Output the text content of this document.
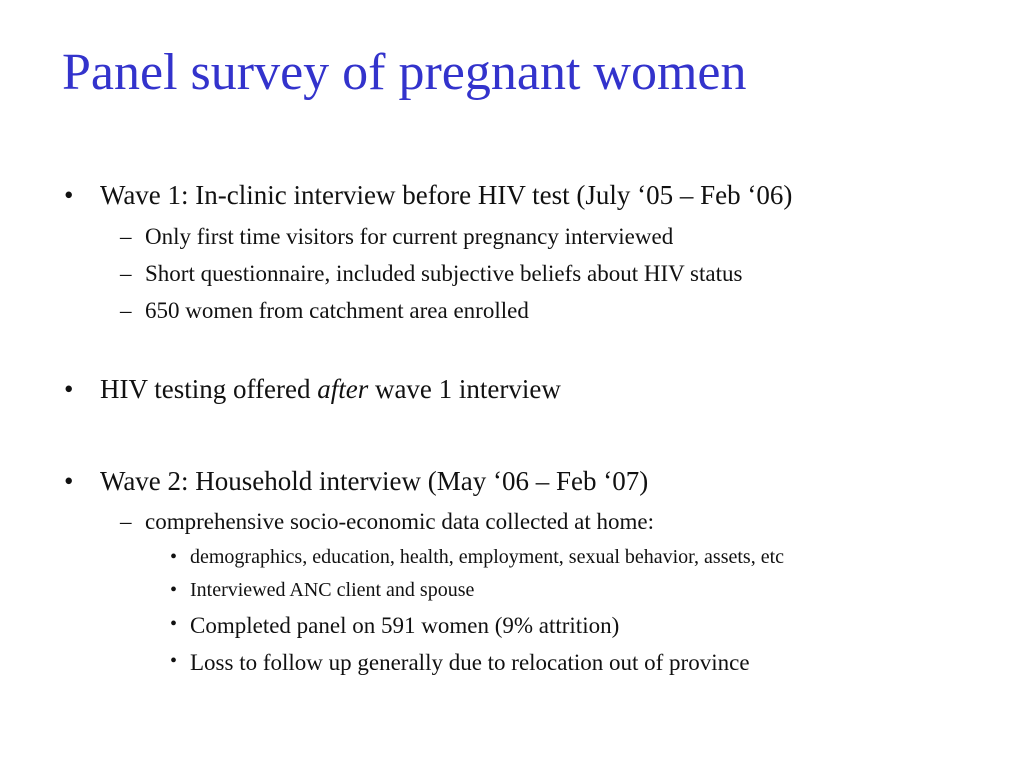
Panel survey of pregnant women
• Wave 1: In-clinic interview before HIV test (July ‘05 – Feb ‘06)
– Only first time visitors for current pregnancy interviewed
– Short questionnaire, included subjective beliefs about HIV status
– 650 women from catchment area enrolled
• HIV testing offered after wave 1 interview
• Wave 2: Household interview (May ‘06 – Feb ‘07)
– comprehensive socio-economic data collected at home:
• demographics, education, health, employment, sexual behavior, assets, etc
• Interviewed ANC client and spouse
• Completed panel on 591 women (9% attrition)
• Loss to follow up generally due to relocation out of province
